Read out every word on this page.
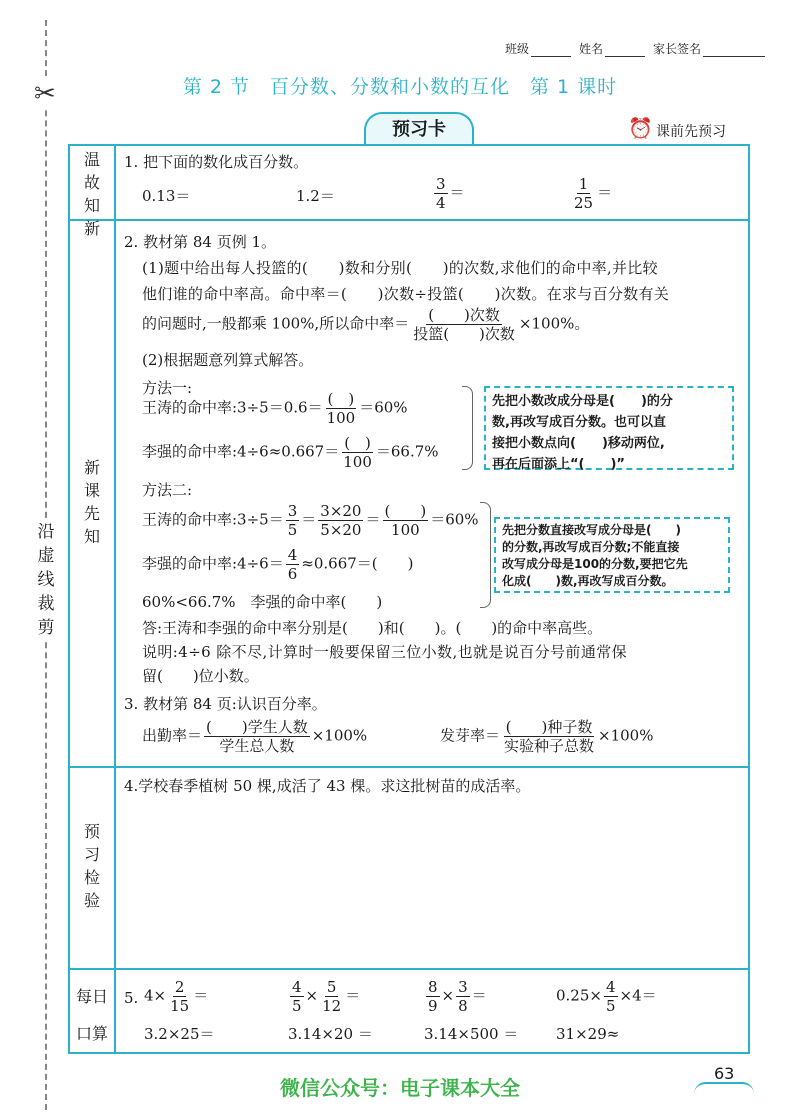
✂
沿
虚
线
裁
剪
班级	姓名	家长签名
第 2 节　百分数、分数和小数的互化　第 1 课时
预习卡	⏰ 课前先预习
温
故
知
新
新
课
先
知
预
习
检
验
每日
口算
1. 把下面的数化成百分数。
0.13＝	1.2＝	$\frac{3}{4}$ ＝	$\frac{1}{25}$ ＝
2. 教材第 84 页例 1。
(1)题中给出每人投篮的(　　)数和分别(　　)的次数,求他们的命中率,并比较
他们谁的命中率高。命中率＝(　　)次数÷投篮(　　)次数。在求与百分数有关
的问题时,一般都乘 100%,所以命中率＝ $\frac{\text{(　　)次数}}{\text{投篮(　　)次数}} \times 100\%$。
(2)根据题意列算式解答。
方法一:
王涛的命中率:3÷5＝0.6＝ $\frac{( )}{100} =60\%$
李强的命中率:4÷6≈0.667＝ $\frac{( )}{100} =66.7\%$
先把小数改成分母是(　　)的分
数,再改写成百分数。也可以直
接把小数点向(　　)移动两位,
再在后面添上“(　　)”
方法二:
王涛的命中率:3÷5＝ $\frac{3}{5} = \frac{3\times 20}{5\times 20} = \frac{( )}{100} =60\%$
李强的命中率:4÷6＝ $\frac{4}{6} \approx 0.667=$(　　)
60%<66.7%　李强的命中率(　　)
先把分数直接改写成分母是(　　)
的分数,再改写成百分数;不能直接
改写成分母是100的分数,要把它先
化成(　　)数,再改写成百分数。
答:王涛和李强的命中率分别是(　　)和(　　)。(　　)的命中率高些。
说明:4÷6 除不尽,计算时一般要保留三位小数,也就是说百分号前通常保
留(　　)位小数。
3. 教材第 84 页:认识百分率。
出勤率＝ $\frac{\text{(　　)学生人数}}{\text{学生总人数}} \times 100\%$	发芽率＝ $\frac{\text{(　　)种子数}}{\text{实验种子总数}} \times 100\%$
4.学校春季植树 50 棵,成活了 43 棵。求这批树苗的成活率。
5. $4\times \frac{2}{15}$ ＝	$\frac{4}{5} \times \frac{5}{12}$ ＝	$\frac{8}{9} \times \frac{3}{8}$ ＝	$0.25\times \frac{4}{5} \times 4=$
3.2×25＝	3.14×20 ＝	3.14×500 ＝	31×29≈
微信公众号：电子课本大全
63
